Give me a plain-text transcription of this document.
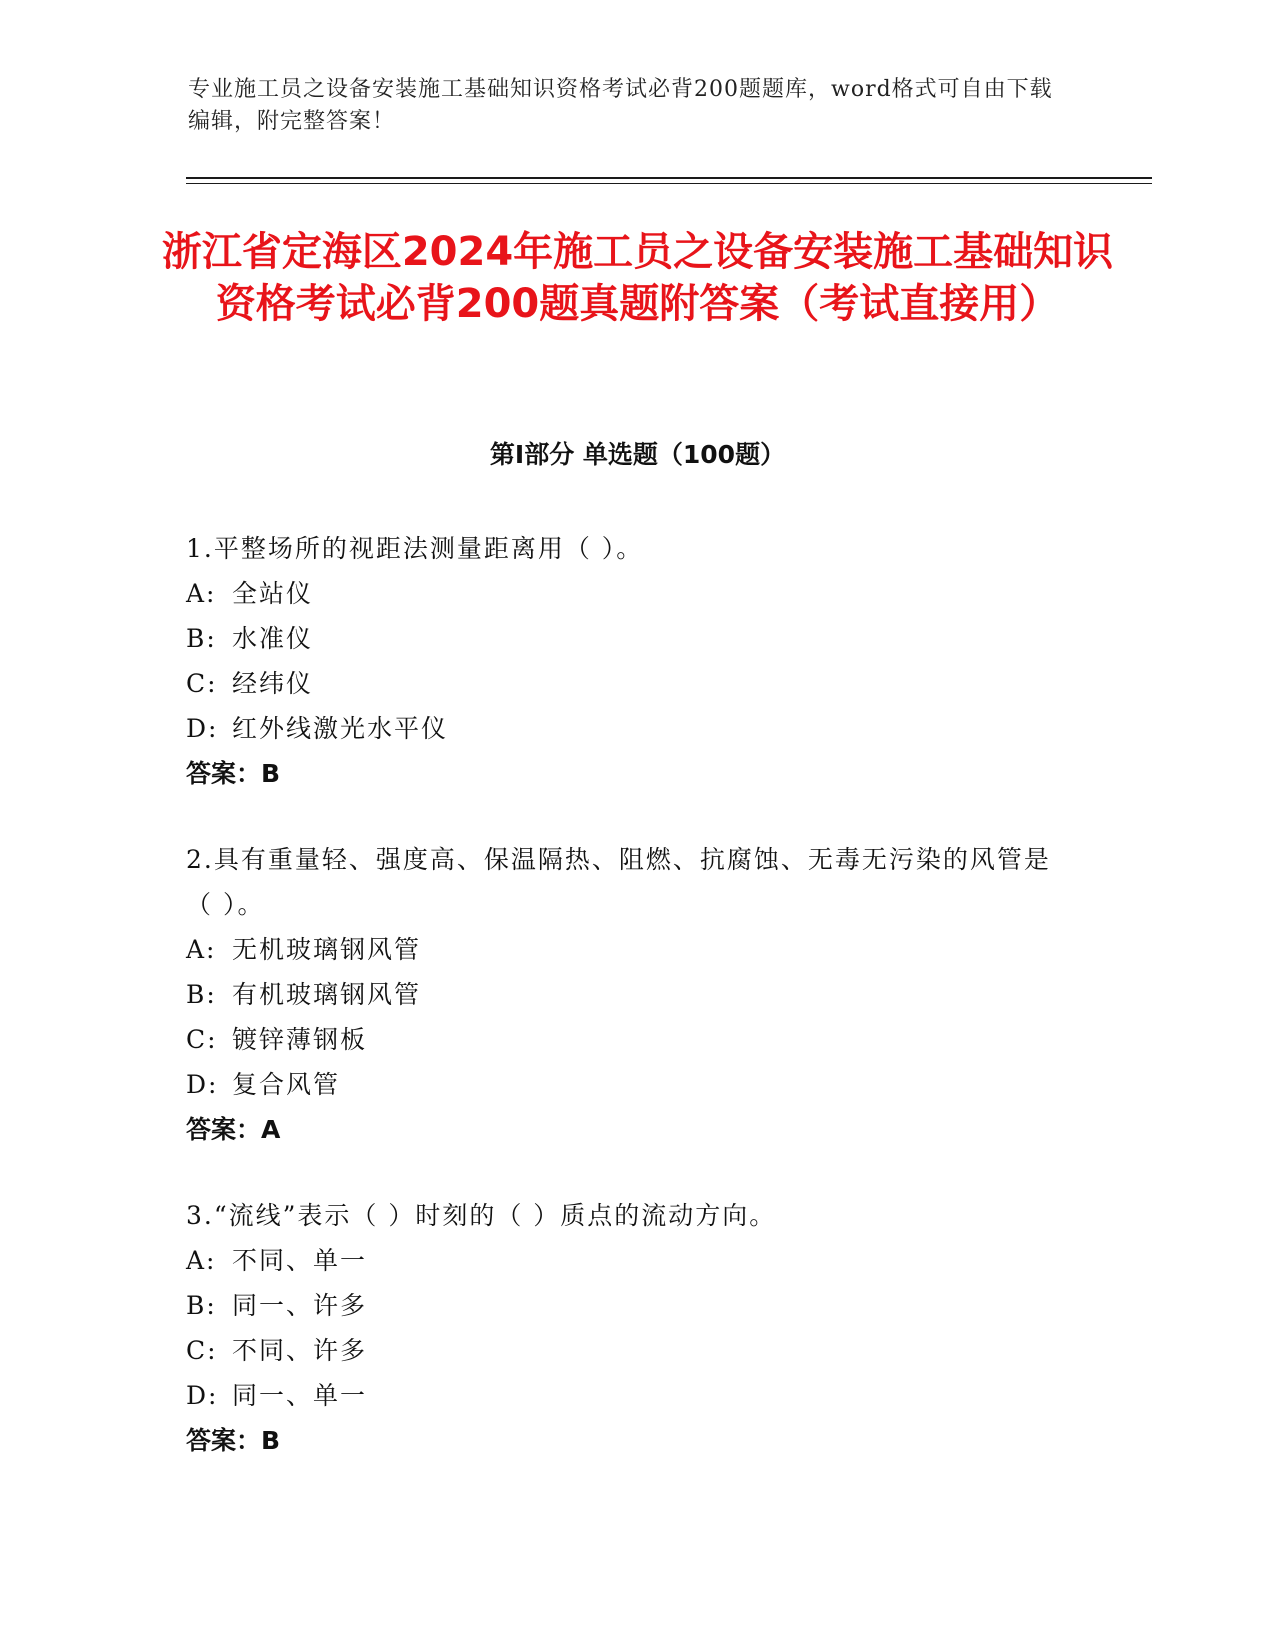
专业施工员之设备安装施工基础知识资格考试必背200题题库，word格式可自由下载编辑，附完整答案！
浙江省定海区2024年施工员之设备安装施工基础知识资格考试必背200题真题附答案（考试直接用）
第I部分 单选题（100题）
1.平整场所的视距法测量距离用（ ）。
A: 全站仪
B: 水准仪
C: 经纬仪
D: 红外线激光水平仪
答案：B
2.具有重量轻、强度高、保温隔热、阻燃、抗腐蚀、无毒无污染的风管是（ ）。
A: 无机玻璃钢风管
B: 有机玻璃钢风管
C: 镀锌薄钢板
D: 复合风管
答案：A
3.“流线”表示（ ）时刻的（ ）质点的流动方向。
A: 不同、单一
B: 同一、许多
C: 不同、许多
D: 同一、单一
答案：B
